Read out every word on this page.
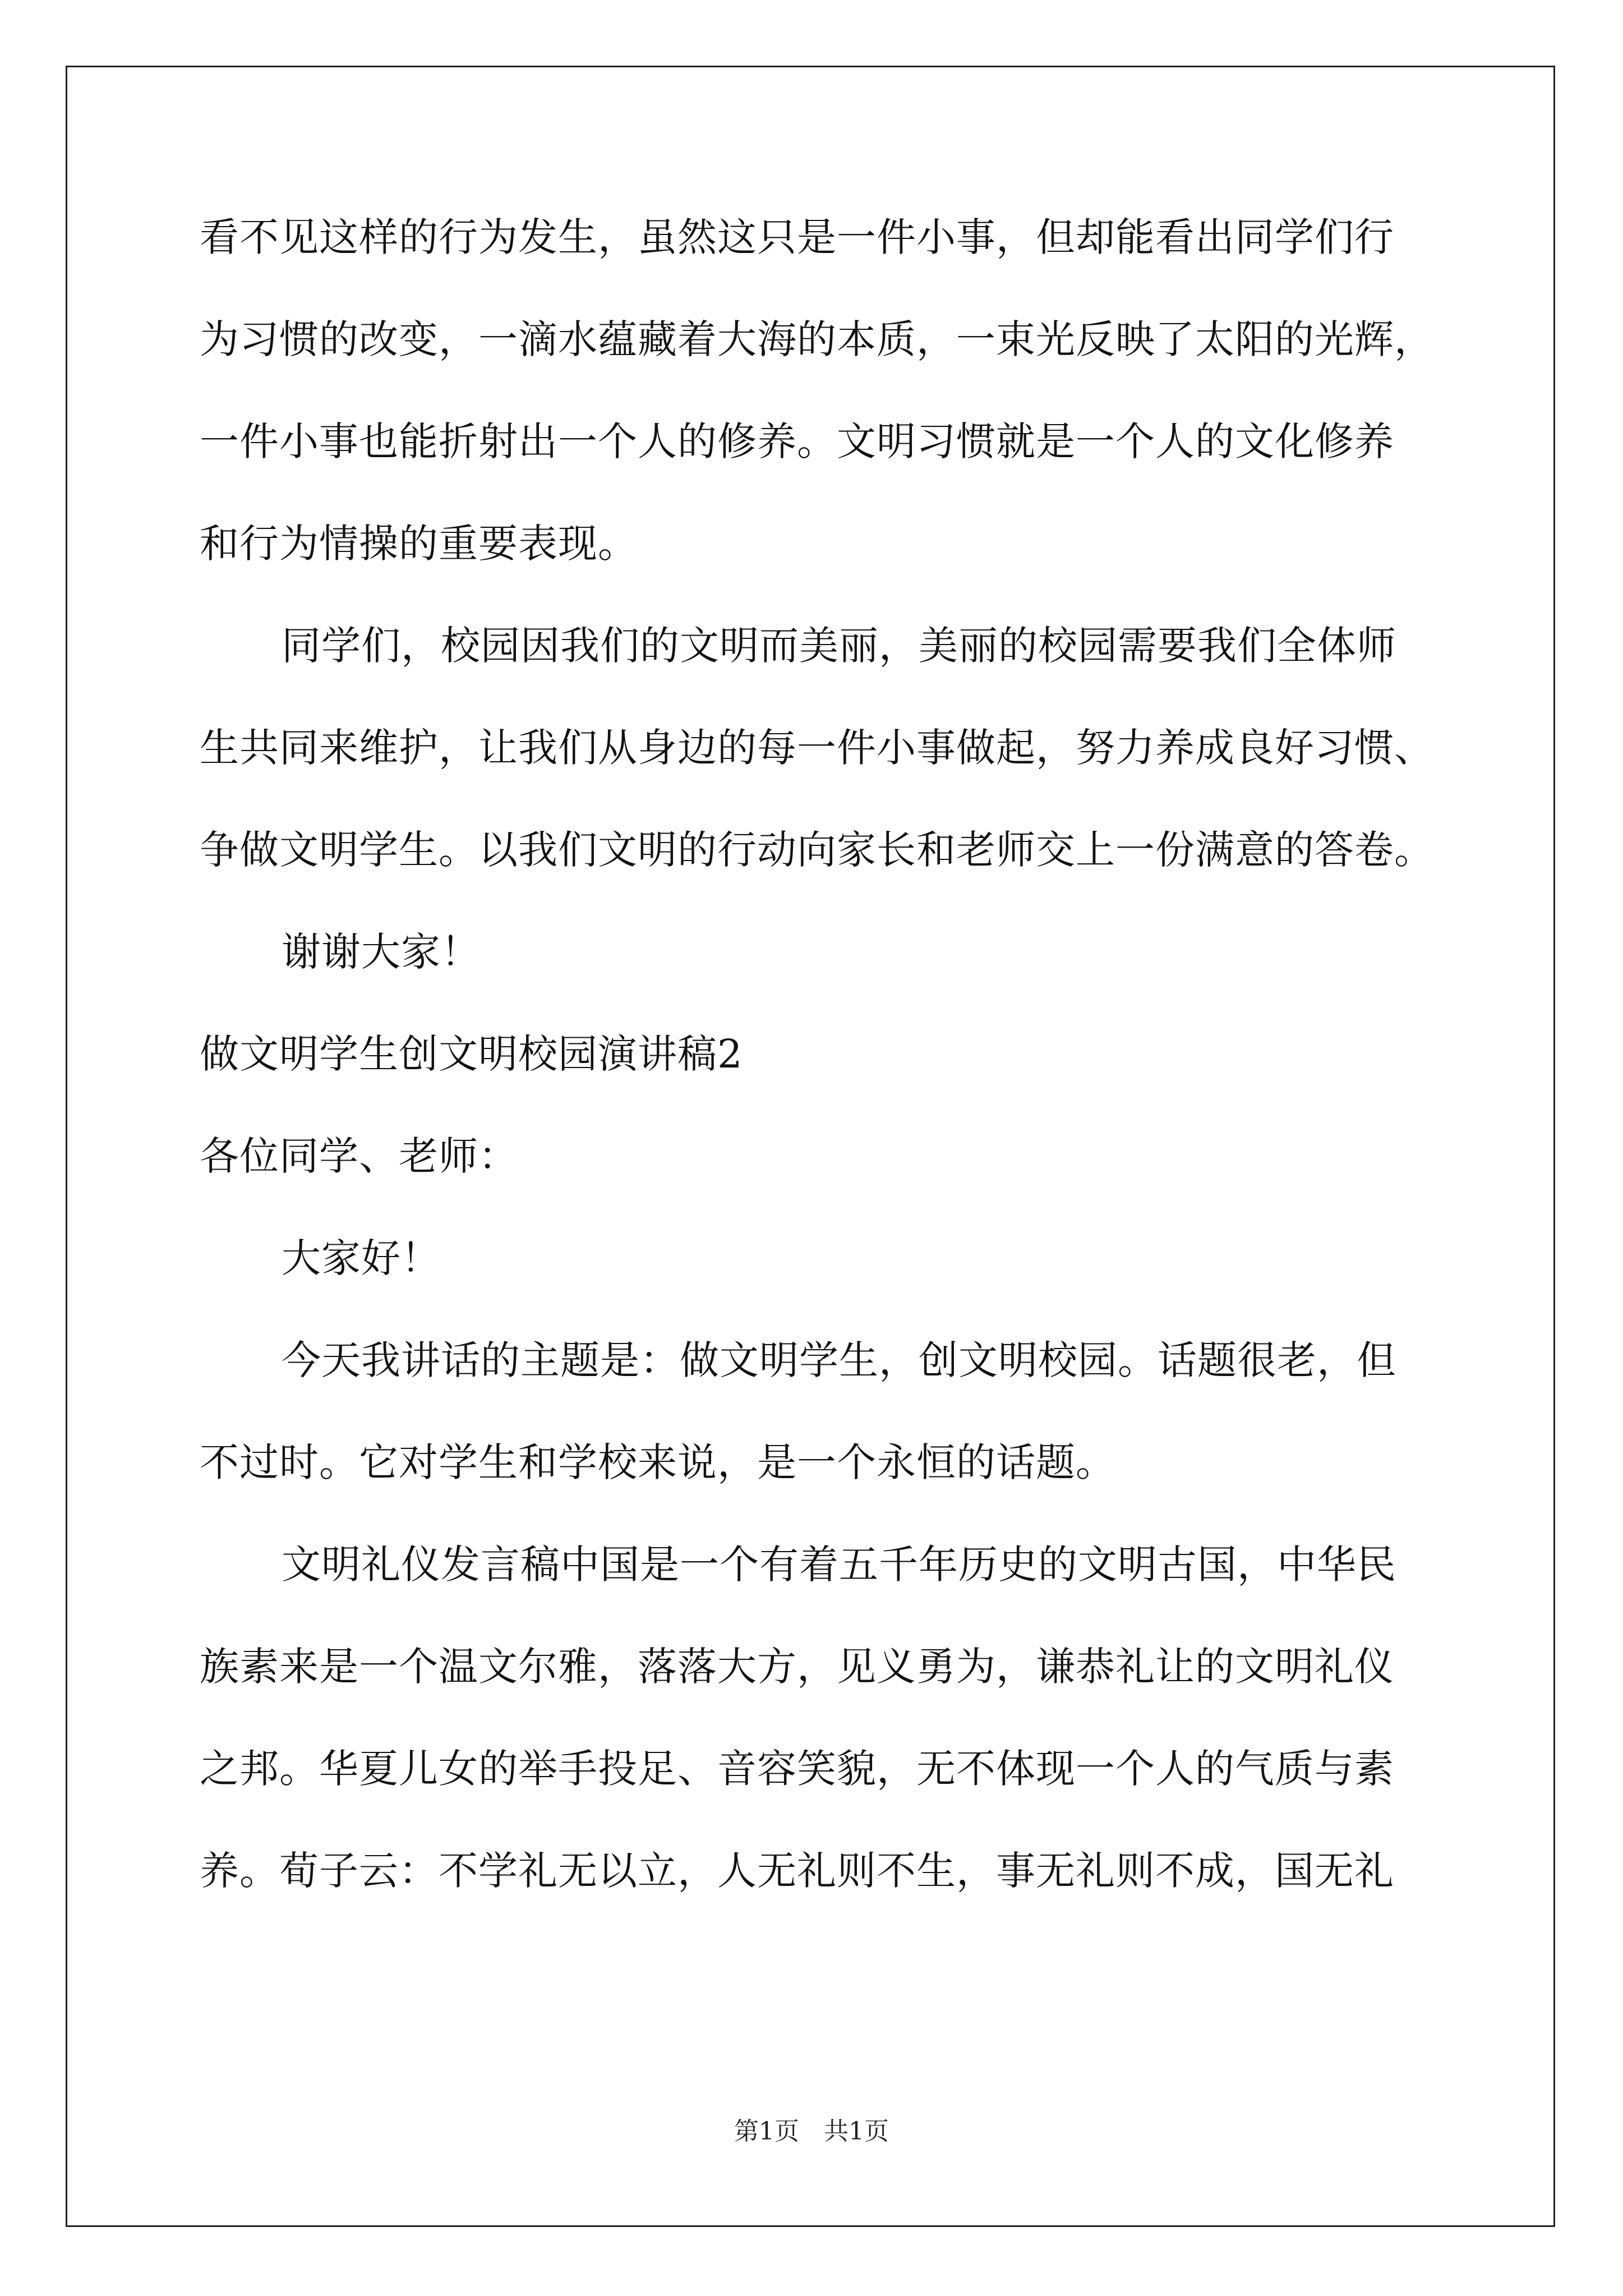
看不见这样的行为发生，虽然这只是一件小事，但却能看出同学们行
为习惯的改变，一滴水蕴藏着大海的本质，一束光反映了太阳的光辉，
一件小事也能折射出一个人的修养。文明习惯就是一个人的文化修养
和行为情操的重要表现。
同学们，校园因我们的文明而美丽，美丽的校园需要我们全体师
生共同来维护，让我们从身边的每一件小事做起，努力养成良好习惯、
争做文明学生。以我们文明的行动向家长和老师交上一份满意的答卷。
谢谢大家！
做文明学生创文明校园演讲稿2
各位同学、老师：
大家好！
今天我讲话的主题是：做文明学生，创文明校园。话题很老，但
不过时。它对学生和学校来说，是一个永恒的话题。
文明礼仪发言稿中国是一个有着五千年历史的文明古国，中华民
族素来是一个温文尔雅，落落大方，见义勇为，谦恭礼让的文明礼仪
之邦。华夏儿女的举手投足、音容笑貌，无不体现一个人的气质与素
养。荀子云：不学礼无以立，人无礼则不生，事无礼则不成，国无礼
第1页　共1页
